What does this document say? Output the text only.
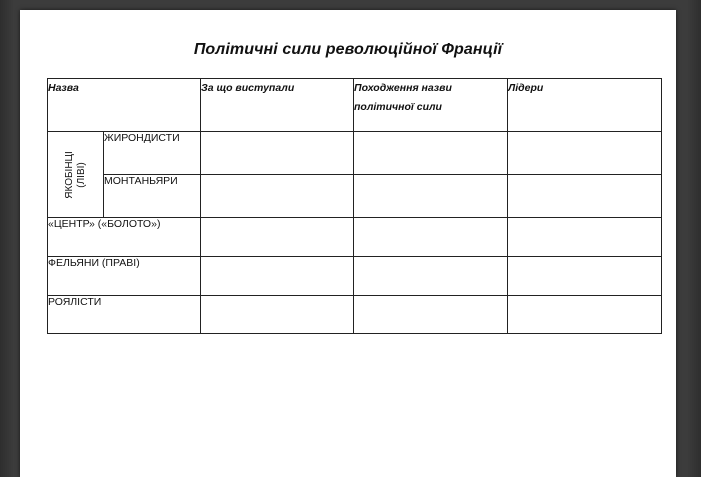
Політичні сили революційної Франції
Назва		За що виступали	Походження назви політичної сили	Лідери

ЯКОБІНЦІ (ЛІВІ)	ЖИРОНДИСТИ			
	МОНТАНЬЯРИ			
«ЦЕНТР» («БОЛОТО»)				
ФЕЛЬЯНИ (ПРАВІ)				
РОЯЛІСТИ				
